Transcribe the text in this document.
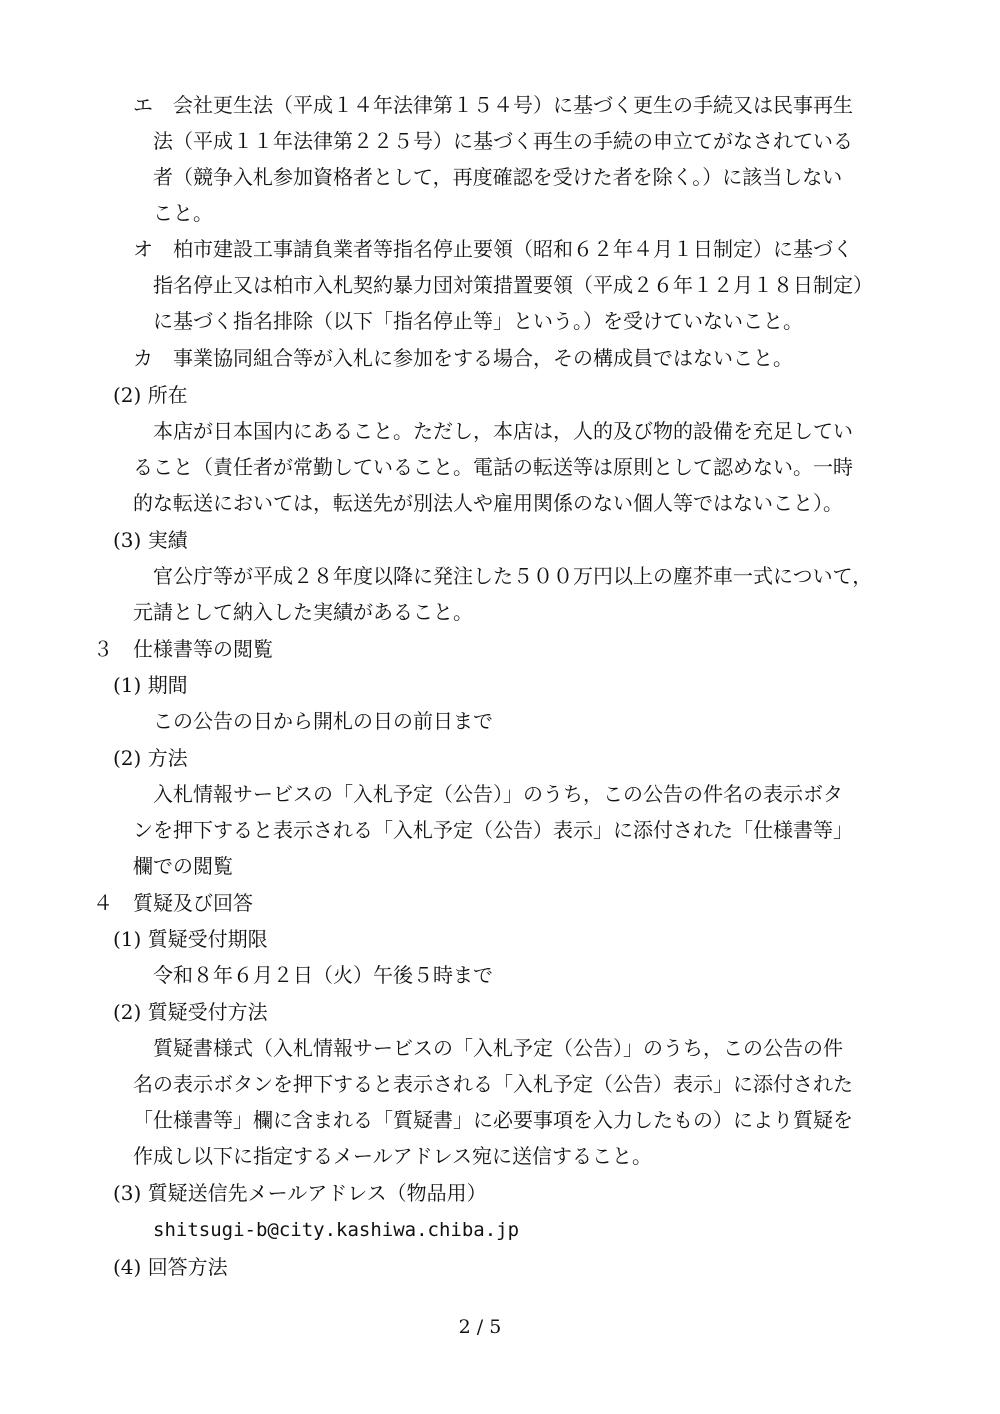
エ　会社更生法（平成１４年法律第１５４号）に基づく更生の手続又は民事再生
法（平成１１年法律第２２５号）に基づく再生の手続の申立てがなされている
者（競争入札参加資格者として，再度確認を受けた者を除く。）に該当しない
こと。
オ　柏市建設工事請負業者等指名停止要領（昭和６２年４月１日制定）に基づく
指名停止又は柏市入札契約暴力団対策措置要領（平成２６年１２月１８日制定）
に基づく指名排除（以下「指名停止等」という。）を受けていないこと。
カ　事業協同組合等が入札に参加をする場合，その構成員ではないこと。
(2) 所在
本店が日本国内にあること。ただし，本店は，人的及び物的設備を充足してい
ること（責任者が常勤していること。電話の転送等は原則として認めない。一時
的な転送においては，転送先が別法人や雇用関係のない個人等ではないこと）。
(3) 実績
官公庁等が平成２８年度以降に発注した５００万円以上の塵芥車一式について，
元請として納入した実績があること。
３　仕様書等の閲覧
(1) 期間
この公告の日から開札の日の前日まで
(2) 方法
入札情報サービスの「入札予定（公告）」のうち，この公告の件名の表示ボタ
ンを押下すると表示される「入札予定（公告）表示」に添付された「仕様書等」
欄での閲覧
４　質疑及び回答
(1) 質疑受付期限
令和８年６月２日（火）午後５時まで
(2) 質疑受付方法
質疑書様式（入札情報サービスの「入札予定（公告）」のうち，この公告の件
名の表示ボタンを押下すると表示される「入札予定（公告）表示」に添付された
「仕様書等」欄に含まれる「質疑書」に必要事項を入力したもの）により質疑を
作成し以下に指定するメールアドレス宛に送信すること。
(3) 質疑送信先メールアドレス（物品用）
shitsugi-b@city.kashiwa.chiba.jp
(4) 回答方法
2 / 5
